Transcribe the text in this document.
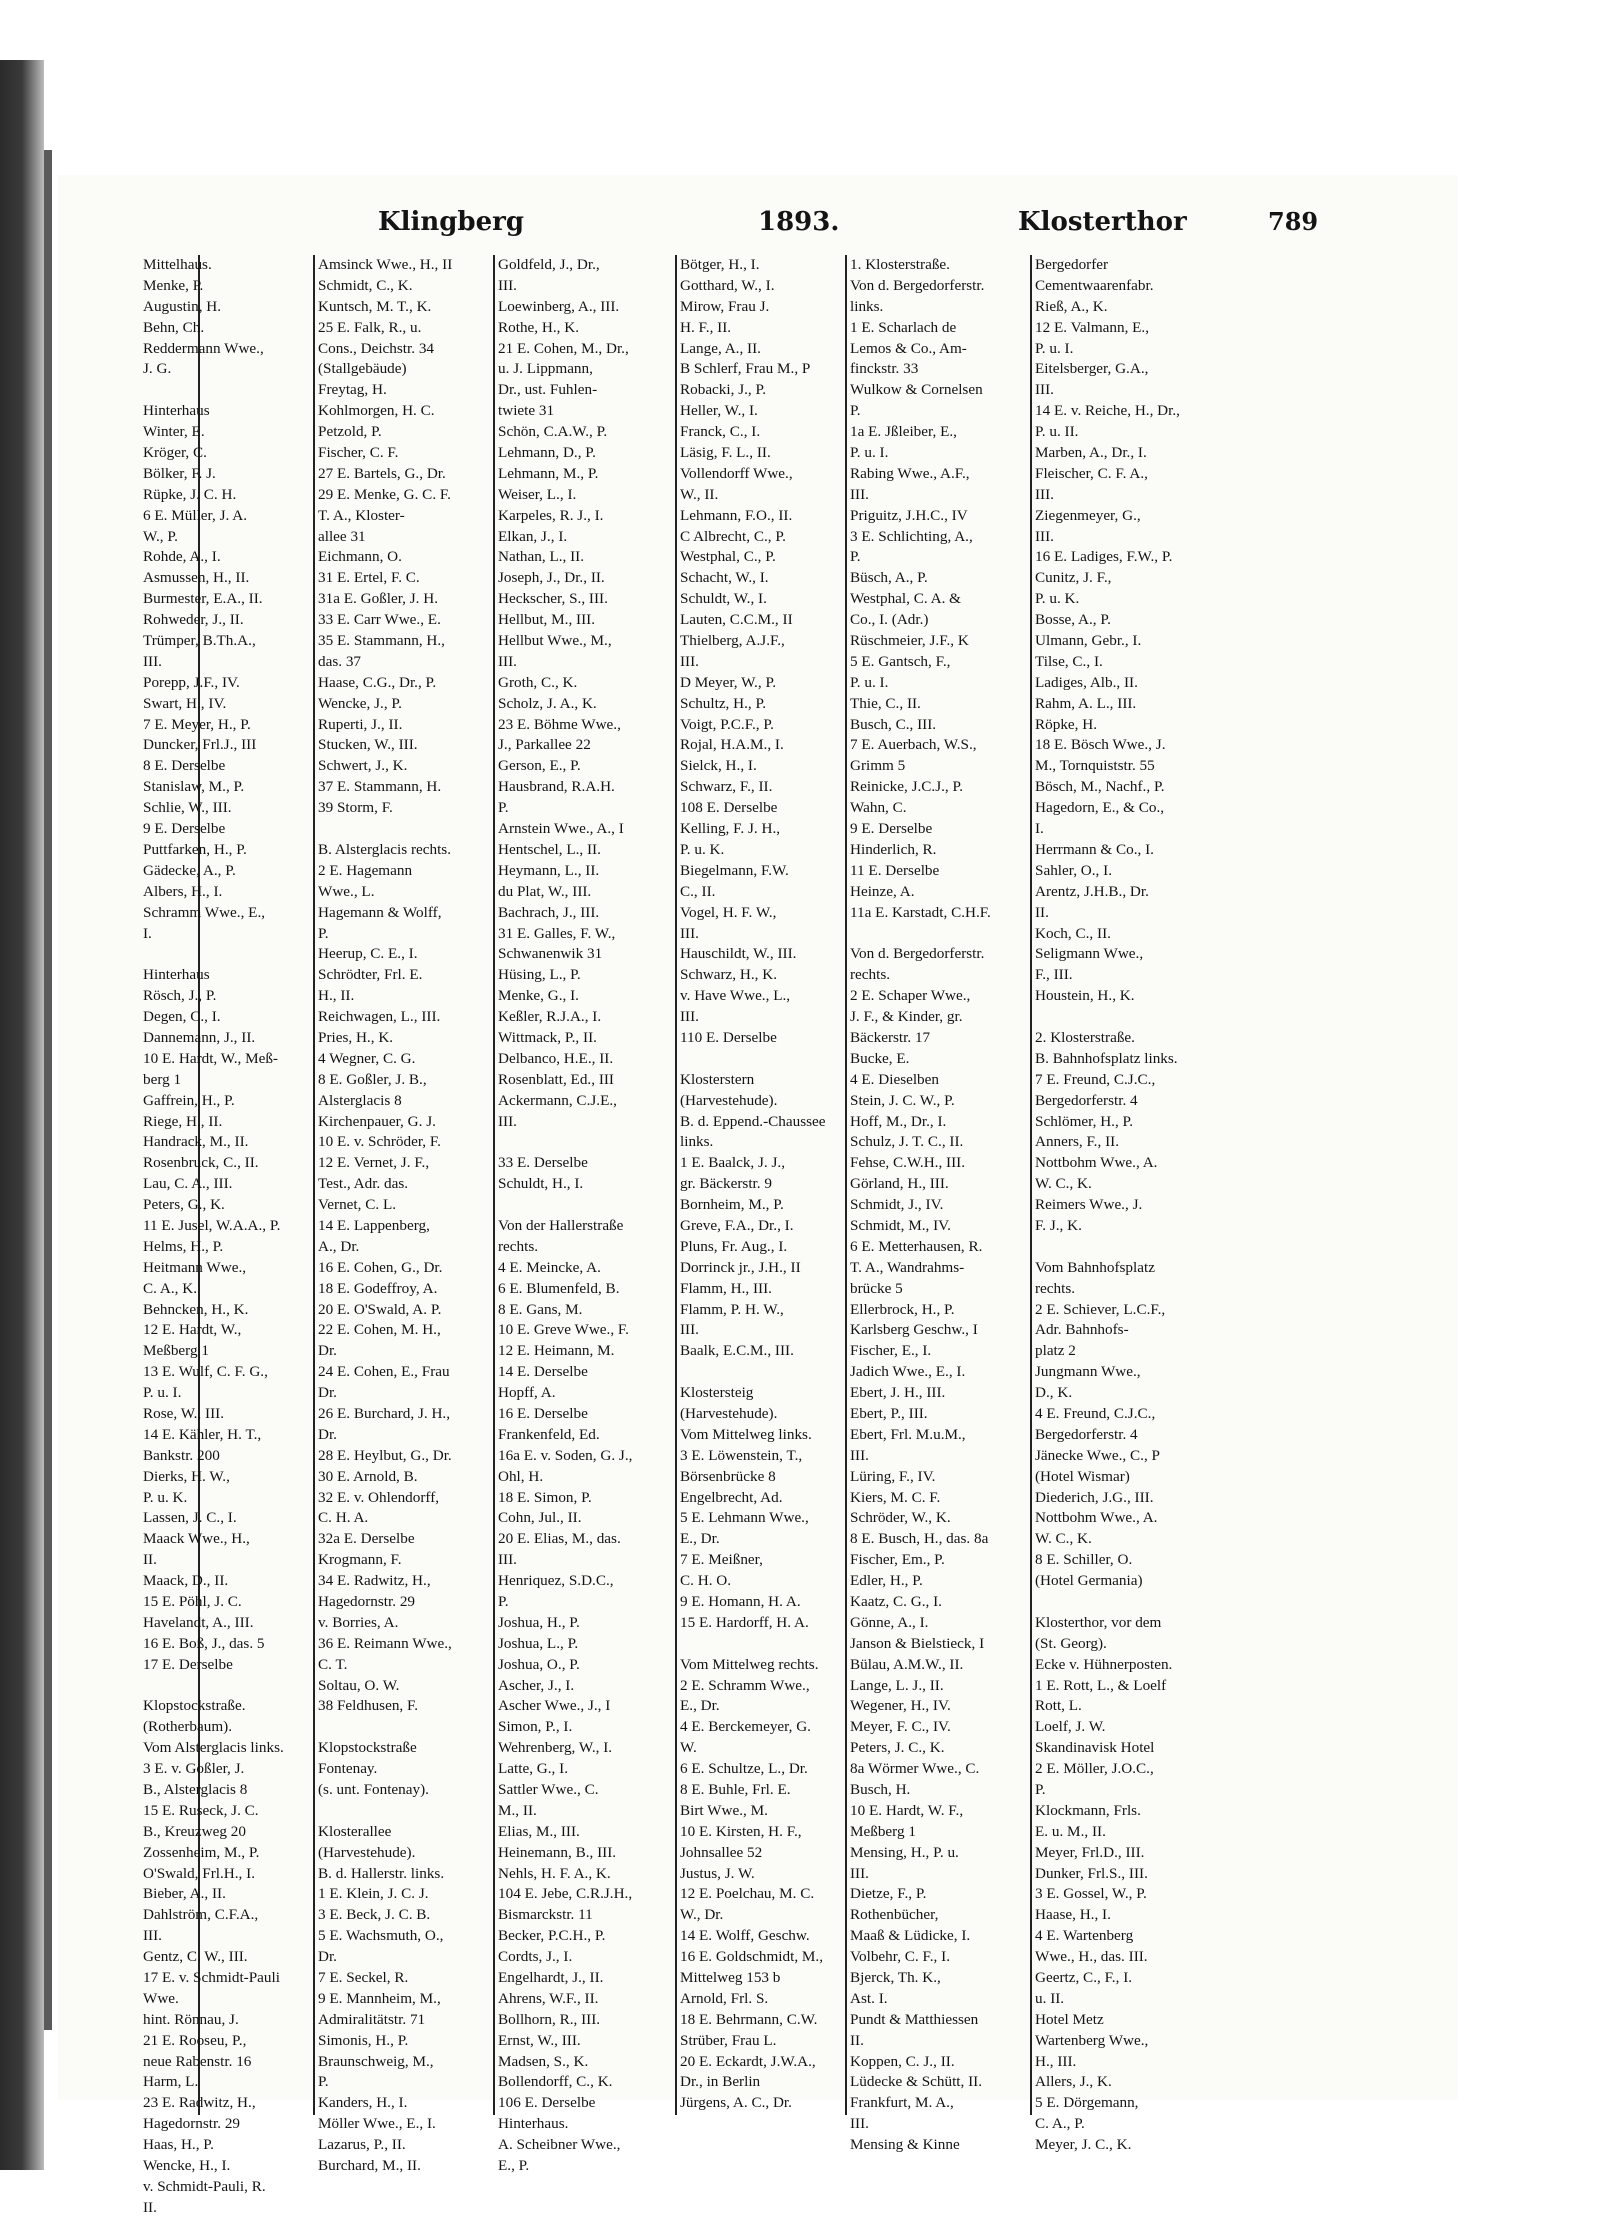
Klingberg	1893.	Klosterthor	789
Mittelhaus.
Menke, P.
Augustin, H.
Behn, Ch.
Reddermann Wwe.,
J. G.
Hinterhaus
Winter, E.
Kröger, C.
Bölker, F. J.
Rüpke, J. C. H.
6 E. Müller, J. A.
W., P.
Rohde, A., I.
Asmussen, H., II.
Burmester, E.A., II.
Rohweder, J., II.
Trümper, B.Th.A.,
III.
Porepp, J.F., IV.
Swart, H., IV.
7 E. Meyer, H., P.
Duncker, Frl.J., III
8 E. Derselbe
Stanislaw, M., P.
Schlie, W., III.
9 E. Derselbe
Puttfarken, H., P.
Gädecke, A., P.
Albers, H., I.
Schramm Wwe., E.,
I.
Hinterhaus
Rösch, J., P.
Degen, C., I.
Dannemann, J., II.
10 E. Hardt, W., Meß-
berg 1
Gaffrein, H., P.
Riege, H., II.
Handrack, M., II.
Rosenbruck, C., II.
Lau, C. A., III.
Peters, G., K.
11 E. Jusel, W.A.A., P.
Helms, H., P.
Heitmann Wwe.,
C. A., K.
Behncken, H., K.
12 E. Hardt, W.,
Meßberg 1
13 E. Wulf, C. F. G.,
P. u. I.
Rose, W., III.
14 E. Kähler, H. T.,
Bankstr. 200
Dierks, H. W.,
P. u. K.
Lassen, J. C., I.
Maack Wwe., H.,
II.
Maack, D., II.
15 E. Pöhl, J. C.
Havelandt, A., III.
16 E. Boß, J., das. 5
17 E. Derselbe
Klopstockstraße.
(Rotherbaum).
Vom Alsterglacis links.
3 E. v. Goßler, J.
B., Alsterglacis 8
15 E. Ruseck, J. C.
B., Kreuzweg 20
Zossenheim, M., P.
O'Swald, Frl.H., I.
Bieber, A., II.
Dahlström, C.F.A.,
III.
Gentz, C. W., III.
17 E. v. Schmidt-Pauli
Wwe.
hint. Rönnau, J.
21 E. Rooseu, P.,
neue Rabenstr. 16
Harm, L.
23 E. Radwitz, H.,
Hagedornstr. 29
Haas, H., P.
Wencke, H., I.
v. Schmidt-Pauli, R.
II.
Amsinck Wwe., H., II
Schmidt, C., K.
Kuntsch, M. T., K.
25 E. Falk, R., u.
Cons., Deichstr. 34
(Stallgebäude)
Freytag, H.
Kohlmorgen, H. C.
Petzold, P.
Fischer, C. F.
27 E. Bartels, G., Dr.
29 E. Menke, G. C. F.
T. A., Kloster-
allee 31
Eichmann, O.
31 E. Ertel, F. C.
31a E. Goßler, J. H.
33 E. Carr Wwe., E.
35 E. Stammann, H.,
das. 37
Haase, C.G., Dr., P.
Wencke, J., P.
Ruperti, J., II.
Stucken, W., III.
Schwert, J., K.
37 E. Stammann, H.
39 Storm, F.
B. Alsterglacis rechts.
2 E. Hagemann
Wwe., L.
Hagemann & Wolff,
P.
Heerup, C. E., I.
Schrödter, Frl. E.
H., II.
Reichwagen, L., III.
Pries, H., K.
4 Wegner, C. G.
8 E. Goßler, J. B.,
Alsterglacis 8
Kirchenpauer, G. J.
10 E. v. Schröder, F.
12 E. Vernet, J. F.,
Test., Adr. das.
Vernet, C. L.
14 E. Lappenberg,
A., Dr.
16 E. Cohen, G., Dr.
18 E. Godeffroy, A.
20 E. O'Swald, A. P.
22 E. Cohen, M. H.,
Dr.
24 E. Cohen, E., Frau
Dr.
26 E. Burchard, J. H.,
Dr.
28 E. Heylbut, G., Dr.
30 E. Arnold, B.
32 E. v. Ohlendorff,
C. H. A.
32a E. Derselbe
Krogmann, F.
34 E. Radwitz, H.,
Hagedornstr. 29
v. Borries, A.
36 E. Reimann Wwe.,
C. T.
Soltau, O. W.
38 Feldhusen, F.
Klopstockstraße
Fontenay.
(s. unt. Fontenay).
Klosterallee
(Harvestehude).
B. d. Hallerstr. links.
1 E. Klein, J. C. J.
3 E. Beck, J. C. B.
5 E. Wachsmuth, O.,
Dr.
7 E. Seckel, R.
9 E. Mannheim, M.,
Admiralitätstr. 71
Simonis, H., P.
Braunschweig, M.,
P.
Kanders, H., I.
Möller Wwe., E., I.
Lazarus, P., II.
Burchard, M., II.
Goldfeld, J., Dr.,
III.
Loewinberg, A., III.
Rothe, H., K.
21 E. Cohen, M., Dr.,
u. J. Lippmann,
Dr., ust. Fuhlen-
twiete 31
Schön, C.A.W., P.
Lehmann, D., P.
Lehmann, M., P.
Weiser, L., I.
Karpeles, R. J., I.
Elkan, J., I.
Nathan, L., II.
Joseph, J., Dr., II.
Heckscher, S., III.
Hellbut, M., III.
Hellbut Wwe., M.,
III.
Groth, C., K.
Scholz, J. A., K.
23 E. Böhme Wwe.,
J., Parkallee 22
Gerson, E., P.
Hausbrand, R.A.H.
P.
Arnstein Wwe., A., I
Hentschel, L., II.
Heymann, L., II.
du Plat, W., III.
Bachrach, J., III.
31 E. Galles, F. W.,
Schwanenwik 31
Hüsing, L., P.
Menke, G., I.
Keßler, R.J.A., I.
Wittmack, P., II.
Delbanco, H.E., II.
Rosenblatt, Ed., III
Ackermann, C.J.E.,
III.
33 E. Derselbe
Schuldt, H., I.
Von der Hallerstraße
rechts.
4 E. Meincke, A.
6 E. Blumenfeld, B.
8 E. Gans, M.
10 E. Greve Wwe., F.
12 E. Heimann, M.
14 E. Derselbe
Hopff, A.
16 E. Derselbe
Frankenfeld, Ed.
16a E. v. Soden, G. J.,
Ohl, H.
18 E. Simon, P.
Cohn, Jul., II.
20 E. Elias, M., das.
III.
Henriquez, S.D.C.,
P.
Joshua, H., P.
Joshua, L., P.
Joshua, O., P.
Ascher, J., I.
Ascher Wwe., J., I
Simon, P., I.
Wehrenberg, W., I.
Latte, G., I.
Sattler Wwe., C.
M., II.
Elias, M., III.
Heinemann, B., III.
Nehls, H. F. A., K.
104 E. Jebe, C.R.J.H.,
Bismarckstr. 11
Becker, P.C.H., P.
Cordts, J., I.
Engelhardt, J., II.
Ahrens, W.F., II.
Bollhorn, R., III.
Ernst, W., III.
Madsen, S., K.
Bollendorff, C., K.
106 E. Derselbe
Hinterhaus.
A. Scheibner Wwe.,
E., P.
Bötger, H., I.
Gotthard, W., I.
Mirow, Frau J.
H. F., II.
Lange, A., II.
B Schlerf, Frau M., P
Robacki, J., P.
Heller, W., I.
Franck, C., I.
Läsig, F. L., II.
Vollendorff Wwe.,
W., II.
Lehmann, F.O., II.
C Albrecht, C., P.
Westphal, C., P.
Schacht, W., I.
Schuldt, W., I.
Lauten, C.C.M., II
Thielberg, A.J.F.,
III.
D Meyer, W., P.
Schultz, H., P.
Voigt, P.C.F., P.
Rojal, H.A.M., I.
Sielck, H., I.
Schwarz, F., II.
108 E. Derselbe
Kelling, F. J. H.,
P. u. K.
Biegelmann, F.W.
C., II.
Vogel, H. F. W.,
III.
Hauschildt, W., III.
Schwarz, H., K.
v. Have Wwe., L.,
III.
110 E. Derselbe
Klosterstern
(Harvestehude).
B. d. Eppend.-Chaussee
links.
1 E. Baalck, J. J.,
gr. Bäckerstr. 9
Bornheim, M., P.
Greve, F.A., Dr., I.
Pluns, Fr. Aug., I.
Dorrinck jr., J.H., II
Flamm, H., III.
Flamm, P. H. W.,
III.
Baalk, E.C.M., III.
Klostersteig
(Harvestehude).
Vom Mittelweg links.
3 E. Löwenstein, T.,
Börsenbrücke 8
Engelbrecht, Ad.
5 E. Lehmann Wwe.,
E., Dr.
7 E. Meißner,
C. H. O.
9 E. Homann, H. A.
15 E. Hardorff, H. A.
Vom Mittelweg rechts.
2 E. Schramm Wwe.,
E., Dr.
4 E. Berckemeyer, G.
W.
6 E. Schultze, L., Dr.
8 E. Buhle, Frl. E.
Birt Wwe., M.
10 E. Kirsten, H. F.,
Johnsallee 52
Justus, J. W.
12 E. Poelchau, M. C.
W., Dr.
14 E. Wolff, Geschw.
16 E. Goldschmidt, M.,
Mittelweg 153 b
Arnold, Frl. S.
18 E. Behrmann, C.W.
Strüber, Frau L.
20 E. Eckardt, J.W.A.,
Dr., in Berlin
Jürgens, A. C., Dr.
1. Klosterstraße.
Von d. Bergedorferstr.
links.
1 E. Scharlach de
Lemos & Co., Am-
finckstr. 33
Wulkow & Cornelsen
P.
1a E. Jßleiber, E.,
P. u. I.
Rabing Wwe., A.F.,
III.
Priguitz, J.H.C., IV
3 E. Schlichting, A.,
P.
Büsch, A., P.
Westphal, C. A. &
Co., I. (Adr.)
Rüschmeier, J.F., K
5 E. Gantsch, F.,
P. u. I.
Thie, C., II.
Busch, C., III.
7 E. Auerbach, W.S.,
Grimm 5
Reinicke, J.C.J., P.
Wahn, C.
9 E. Derselbe
Hinderlich, R.
11 E. Derselbe
Heinze, A.
11a E. Karstadt, C.H.F.
Von d. Bergedorferstr.
rechts.
2 E. Schaper Wwe.,
J. F., & Kinder, gr.
Bäckerstr. 17
Bucke, E.
4 E. Dieselben
Stein, J. C. W., P.
Hoff, M., Dr., I.
Schulz, J. T. C., II.
Fehse, C.W.H., III.
Görland, H., III.
Schmidt, J., IV.
Schmidt, M., IV.
6 E. Metterhausen, R.
T. A., Wandrahms-
brücke 5
Ellerbrock, H., P.
Karlsberg Geschw., I
Fischer, E., I.
Jadich Wwe., E., I.
Ebert, J. H., III.
Ebert, P., III.
Ebert, Frl. M.u.M.,
III.
Lüring, F., IV.
Kiers, M. C. F.
Schröder, W., K.
8 E. Busch, H., das. 8a
Fischer, Em., P.
Edler, H., P.
Kaatz, C. G., I.
Gönne, A., I.
Janson & Bielstieck, I
Bülau, A.M.W., II.
Lange, L. J., II.
Wegener, H., IV.
Meyer, F. C., IV.
Peters, J. C., K.
8a Wörmer Wwe., C.
Busch, H.
10 E. Hardt, W. F.,
Meßberg 1
Mensing, H., P. u.
III.
Dietze, F., P.
Rothenbücher,
Maaß & Lüdicke, I.
Volbehr, C. F., I.
Bjerck, Th. K.,
Ast. I.
Pundt & Matthiessen
II.
Koppen, C. J., II.
Lüdecke & Schütt, II.
Frankfurt, M. A.,
III.
Mensing & Kinne
Bergedorfer
Cementwaarenfabr.
Rieß, A., K.
12 E. Valmann, E.,
P. u. I.
Eitelsberger, G.A.,
III.
14 E. v. Reiche, H., Dr.,
P. u. II.
Marben, A., Dr., I.
Fleischer, C. F. A.,
III.
Ziegenmeyer, G.,
III.
16 E. Ladiges, F.W., P.
Cunitz, J. F.,
P. u. K.
Bosse, A., P.
Ulmann, Gebr., I.
Tilse, C., I.
Ladiges, Alb., II.
Rahm, A. L., III.
Röpke, H.
18 E. Bösch Wwe., J.
M., Tornquiststr. 55
Bösch, M., Nachf., P.
Hagedorn, E., & Co.,
I.
Herrmann & Co., I.
Sahler, O., I.
Arentz, J.H.B., Dr.
II.
Koch, C., II.
Seligmann Wwe.,
F., III.
Houstein, H., K.
2. Klosterstraße.
B. Bahnhofsplatz links.
7 E. Freund, C.J.C.,
Bergedorferstr. 4
Schlömer, H., P.
Anners, F., II.
Nottbohm Wwe., A.
W. C., K.
Reimers Wwe., J.
F. J., K.
Vom Bahnhofsplatz
rechts.
2 E. Schiever, L.C.F.,
Adr. Bahnhofs-
platz 2
Jungmann Wwe.,
D., K.
4 E. Freund, C.J.C.,
Bergedorferstr. 4
Jänecke Wwe., C., P
(Hotel Wismar)
Diederich, J.G., III.
Nottbohm Wwe., A.
W. C., K.
8 E. Schiller, O.
(Hotel Germania)
Klosterthor, vor dem
(St. Georg).
Ecke v. Hühnerposten.
1 E. Rott, L., & Loelf
Rott, L.
Loelf, J. W.
Skandinavisk Hotel
2 E. Möller, J.O.C.,
P.
Klockmann, Frls.
E. u. M., II.
Meyer, Frl.D., III.
Dunker, Frl.S., III.
3 E. Gossel, W., P.
Haase, H., I.
4 E. Wartenberg
Wwe., H., das. III.
Geertz, C., F., I.
u. II.
Hotel Metz
Wartenberg Wwe.,
H., III.
Allers, J., K.
5 E. Dörgemann,
C. A., P.
Meyer, J. C., K.
